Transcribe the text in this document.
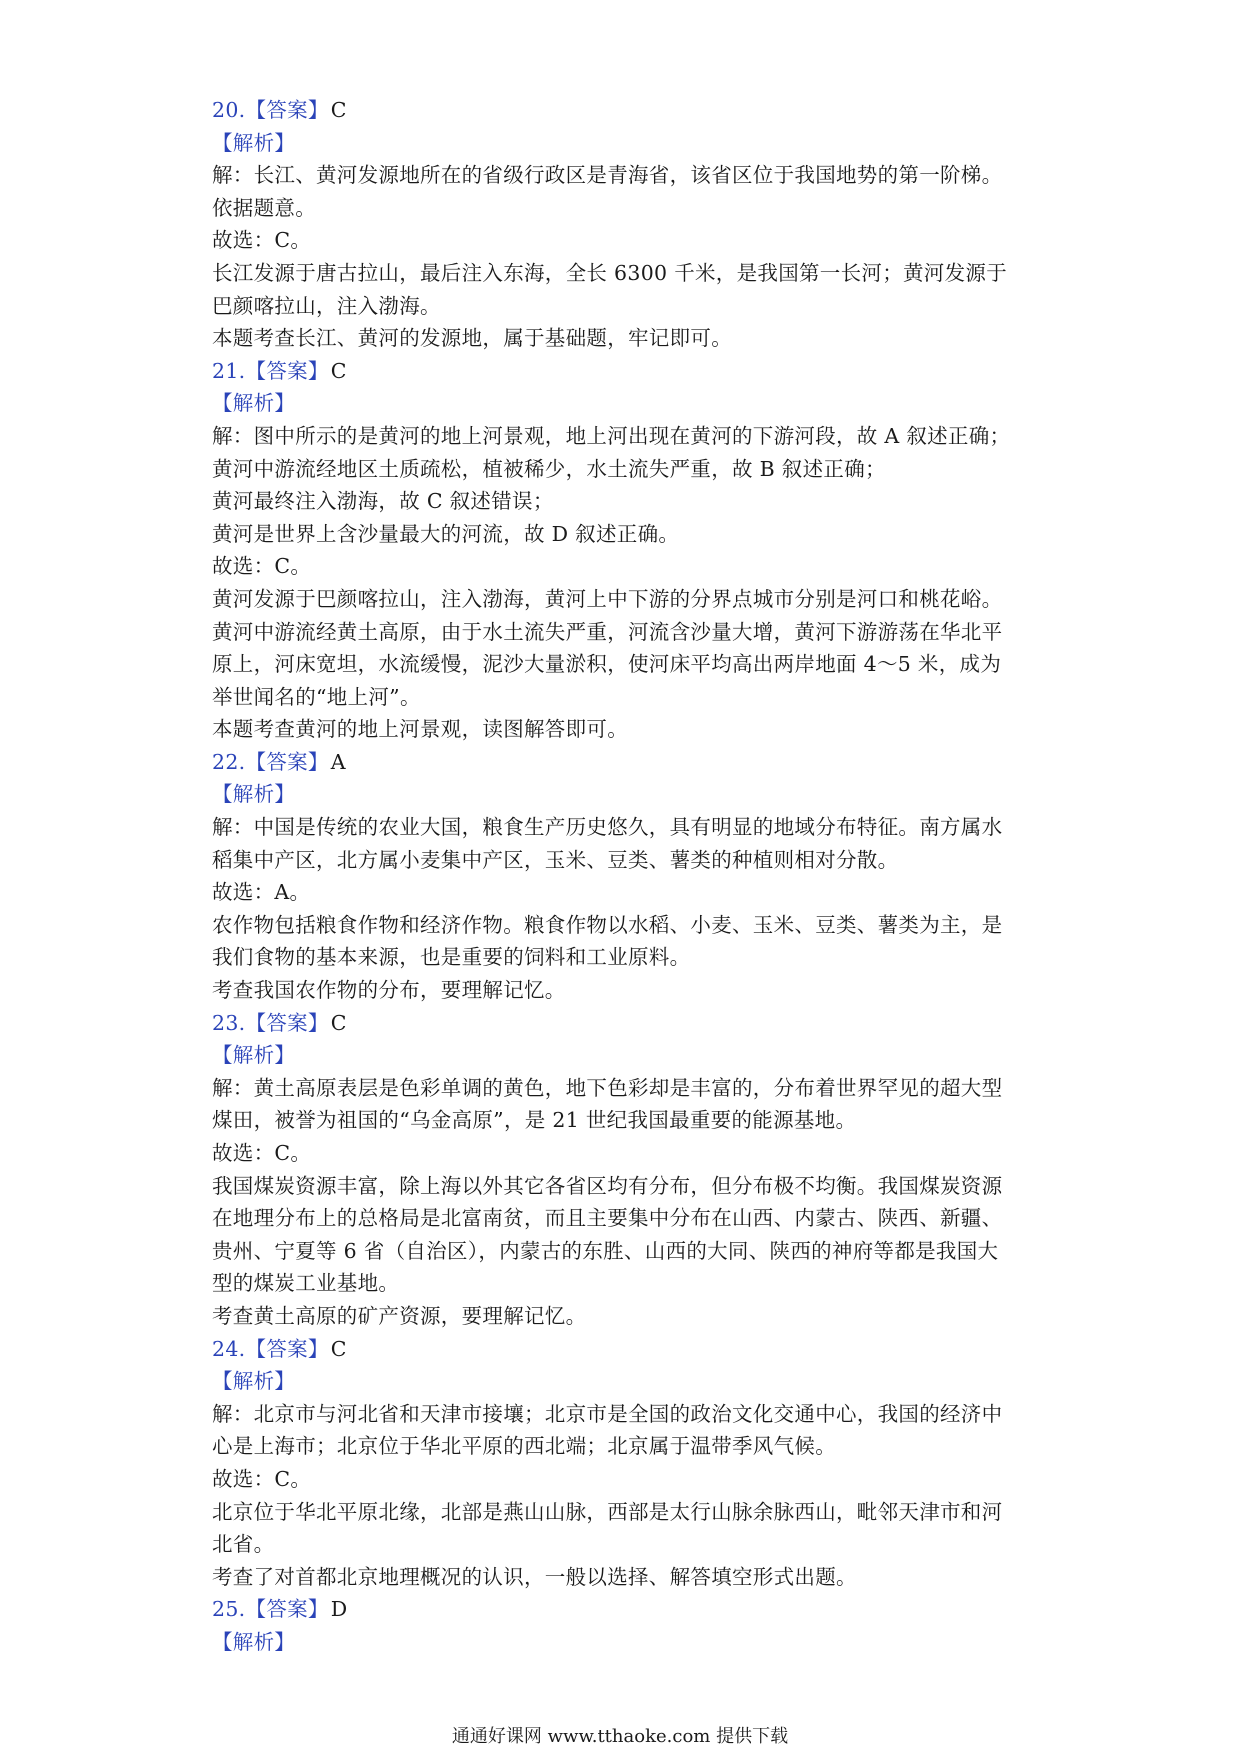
20.【答案】C
【解析】
解：长江、黄河发源地所在的省级行政区是青海省，该省区位于我国地势的第一阶梯。
依据题意。
故选：C。
长江发源于唐古拉山，最后注入东海，全长 6300 千米，是我国第一长河；黄河发源于
巴颜喀拉山，注入渤海。
本题考查长江、黄河的发源地，属于基础题，牢记即可。
21.【答案】C
【解析】
解：图中所示的是黄河的地上河景观，地上河出现在黄河的下游河段，故 A 叙述正确；
黄河中游流经地区土质疏松，植被稀少，水土流失严重，故 B 叙述正确；
黄河最终注入渤海，故 C 叙述错误；
黄河是世界上含沙量最大的河流，故 D 叙述正确。
故选：C。
黄河发源于巴颜喀拉山，注入渤海，黄河上中下游的分界点城市分别是河口和桃花峪。
黄河中游流经黄土高原，由于水土流失严重，河流含沙量大增，黄河下游游荡在华北平
原上，河床宽坦，水流缓慢，泥沙大量淤积，使河床平均高出两岸地面 4～5 米，成为
举世闻名的“地上河”。
本题考查黄河的地上河景观，读图解答即可。
22.【答案】A
【解析】
解：中国是传统的农业大国，粮食生产历史悠久，具有明显的地域分布特征。南方属水
稻集中产区，北方属小麦集中产区，玉米、豆类、薯类的种植则相对分散。
故选：A。
农作物包括粮食作物和经济作物。粮食作物以水稻、小麦、玉米、豆类、薯类为主，是
我们食物的基本来源，也是重要的饲料和工业原料。
考查我国农作物的分布，要理解记忆。
23.【答案】C
【解析】
解：黄土高原表层是色彩单调的黄色，地下色彩却是丰富的，分布着世界罕见的超大型
煤田，被誉为祖国的“乌金高原”，是 21 世纪我国最重要的能源基地。
故选：C。
我国煤炭资源丰富，除上海以外其它各省区均有分布，但分布极不均衡。我国煤炭资源
在地理分布上的总格局是北富南贫，而且主要集中分布在山西、内蒙古、陕西、新疆、
贵州、宁夏等 6 省（自治区），内蒙古的东胜、山西的大同、陕西的神府等都是我国大
型的煤炭工业基地。
考查黄土高原的矿产资源，要理解记忆。
24.【答案】C
【解析】
解：北京市与河北省和天津市接壤；北京市是全国的政治文化交通中心，我国的经济中
心是上海市；北京位于华北平原的西北端；北京属于温带季风气候。
故选：C。
北京位于华北平原北缘，北部是燕山山脉，西部是太行山脉余脉西山，毗邻天津市和河
北省。
考查了对首都北京地理概况的认识，一般以选择、解答填空形式出题。
25.【答案】D
【解析】
通通好课网 www.tthaoke.com 提供下载
